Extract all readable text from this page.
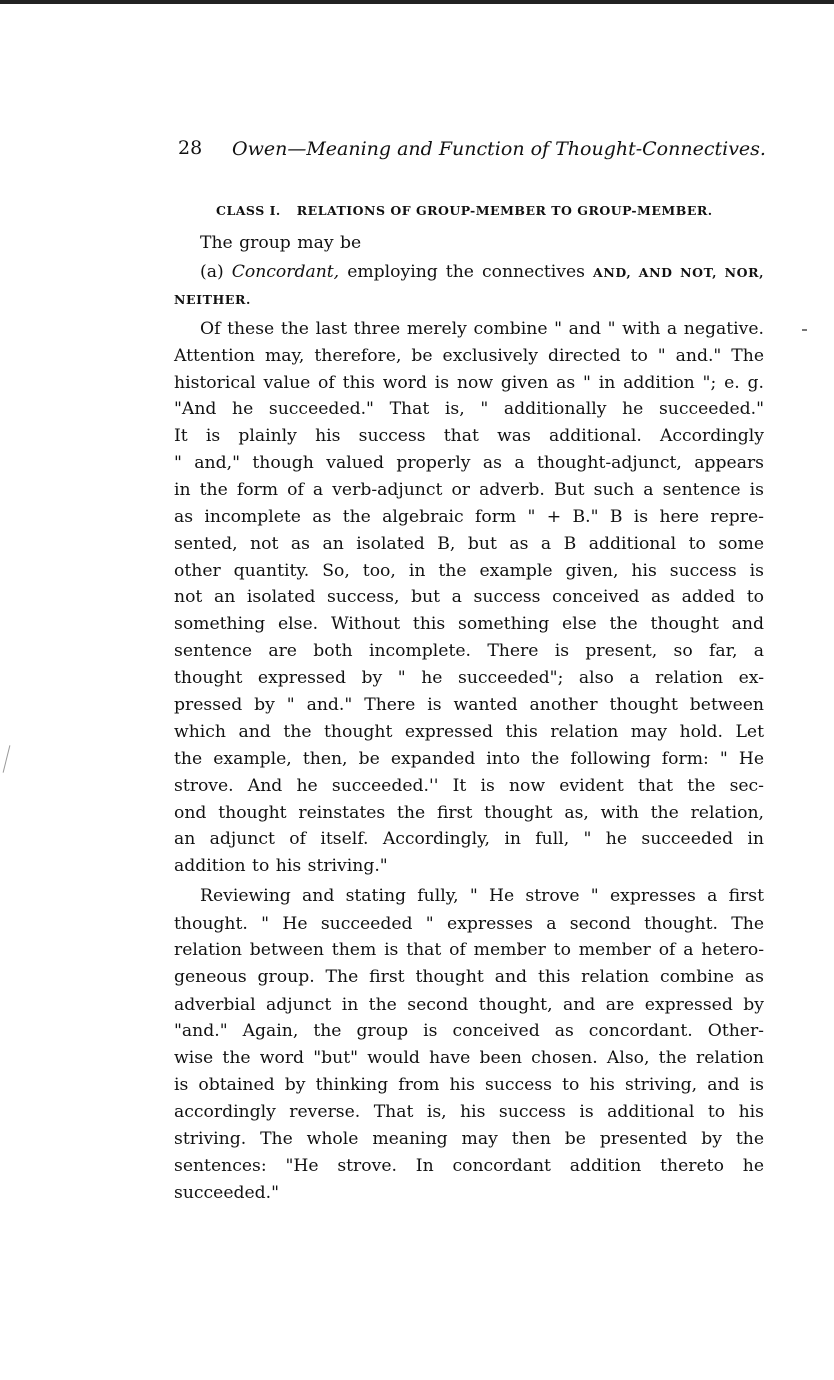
28 Owen—Meaning and Function of Thought-Connectives.
CLASS I. RELATIONS OF GROUP-MEMBER TO GROUP-MEMBER.
The group may be
(a) Concordant, employing the connectives AND, AND NOT, NOR,
NEITHER.
Of these the last three merely combine " and " with a negative.
Attention may, therefore, be exclusively directed to " and." The
historical value of this word is now given as " in addition "; e. g.
"And he succeeded." That is, " additionally he succeeded."
It is plainly his success that was additional. Accordingly
" and," though valued properly as a thought-adjunct, appears
in the form of a verb-adjunct or adverb. But such a sentence is
as incomplete as the algebraic form " + B." B is here repre-
sented, not as an isolated B, but as a B additional to some
other quantity. So, too, in the example given, his success is
not an isolated success, but a success conceived as added to
something else. Without this something else the thought and
sentence are both incomplete. There is present, so far, a
thought expressed by " he succeeded"; also a relation ex-
pressed by " and." There is wanted another thought between
which and the thought expressed this relation may hold. Let
the example, then, be expanded into the following form: " He
strove. And he succeeded.'' It is now evident that the sec-
ond thought reinstates the first thought as, with the relation,
an adjunct of itself. Accordingly, in full, " he succeeded in
addition to his striving."
Reviewing and stating fully, " He strove " expresses a first
thought. " He succeeded " expresses a second thought. The
relation between them is that of member to member of a hetero-
geneous group. The first thought and this relation combine as
adverbial adjunct in the second thought, and are expressed by
"and." Again, the group is conceived as concordant. Other-
wise the word "but" would have been chosen. Also, the relation
is obtained by thinking from his success to his striving, and is
accordingly reverse. That is, his success is additional to his
striving. The whole meaning may then be presented by the
sentences: "He strove. In concordant addition thereto he
succeeded."
